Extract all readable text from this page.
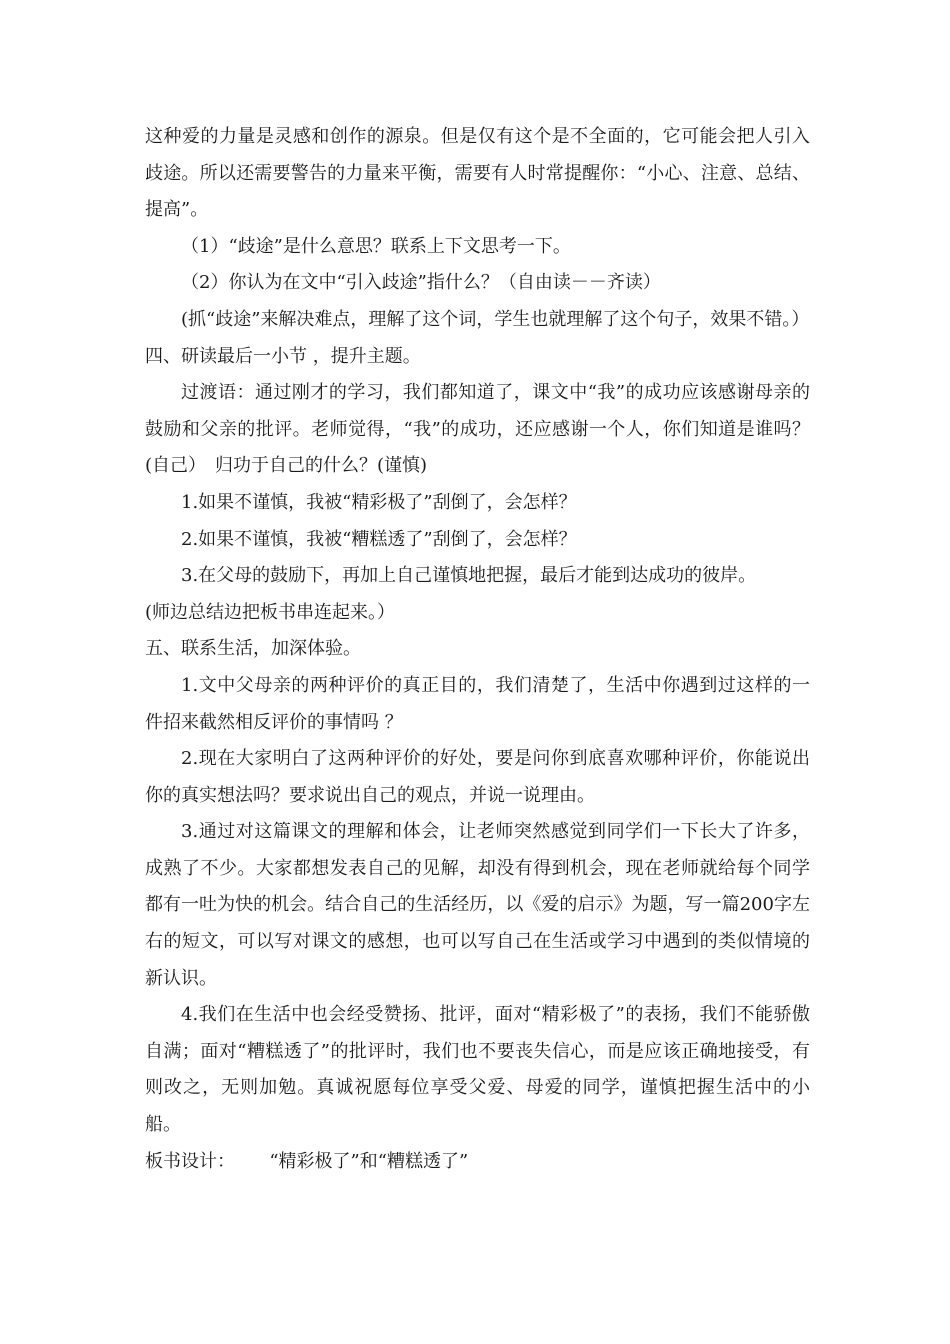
这种爱的力量是灵感和创作的源泉。但是仅有这个是不全面的，它可能会把人引入歧途。所以还需要警告的力量来平衡，需要有人时常提醒你：“小心、注意、总结、提高”。

（1）“歧途”是什么意思？联系上下文思考一下。

（2）你认为在文中“引入歧途”指什么？（自由读－－齐读）

(抓“歧途”来解决难点，理解了这个词，学生也就理解了这个句子，效果不错。）

四、研读最后一小节 ，提升主题。

过渡语：通过刚才的学习，我们都知道了，课文中“我”的成功应该感谢母亲的鼓励和父亲的批评。老师觉得，“我”的成功，还应感谢一个人，你们知道是谁吗？(自己）　归功于自己的什么？(谨慎)

1.如果不谨慎，我被“精彩极了”刮倒了，会怎样？

2.如果不谨慎，我被“糟糕透了”刮倒了，会怎样？

3.在父母的鼓励下，再加上自己谨慎地把握，最后才能到达成功的彼岸。

(师边总结边把板书串连起来。）

五、联系生活，加深体验。

1.文中父母亲的两种评价的真正目的，我们清楚了，生活中你遇到过这样的一件招来截然相反评价的事情吗 ？

2.现在大家明白了这两种评价的好处，要是问你到底喜欢哪种评价，你能说出你的真实想法吗？要求说出自己的观点，并说一说理由。

3.通过对这篇课文的理解和体会，让老师突然感觉到同学们一下长大了许多，成熟了不少。大家都想发表自己的见解，却没有得到机会，现在老师就给每个同学都有一吐为快的机会。结合自己的生活经历，以《爱的启示》为题，写一篇200字左右的短文，可以写对课文的感想，也可以写自己在生活或学习中遇到的类似情境的新认识。

4.我们在生活中也会经受赞扬、批评，面对“精彩极了”的表扬，我们不能骄傲自满；面对“糟糕透了”的批评时，我们也不要丧失信心，而是应该正确地接受，有则改之，无则加勉。真诚祝愿每位享受父爱、母爱的同学，谨慎把握生活中的小船。

板书设计： “精彩极了”和“糟糕透了”
